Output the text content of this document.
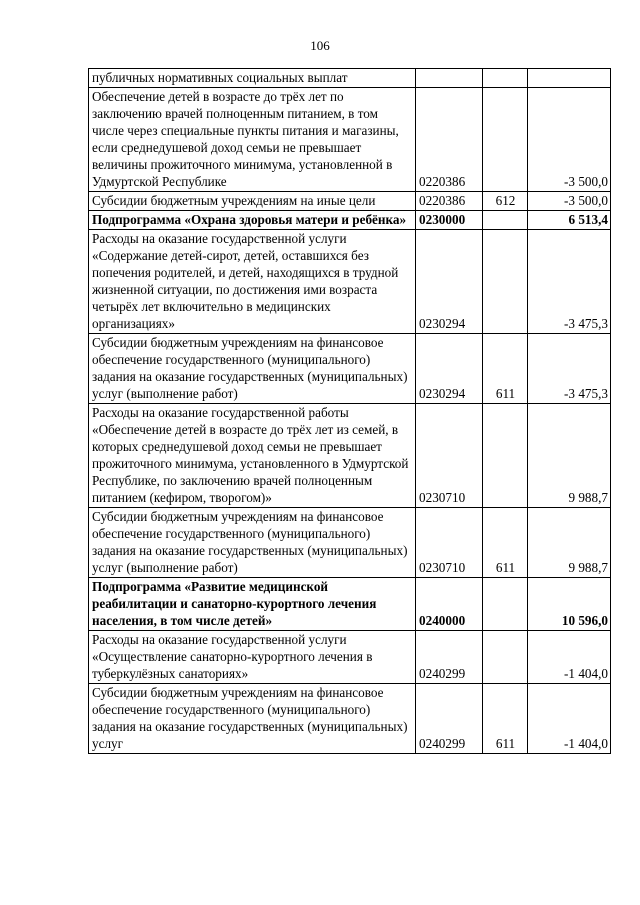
106
публичных нормативных социальных выплат			
Обеспечение детей в возрасте до трёх лет по заключению врачей полноценным питанием, в том числе через специальные пункты питания и магазины, если среднедушевой доход семьи не превышает величины прожиточного минимума, установленной в Удмуртской Республике	0220386		-3 500,0
Субсидии бюджетным учреждениям на иные цели	0220386	612	-3 500,0
Подпрограмма «Охрана здоровья матери и ребёнка»	0230000		6 513,4
Расходы на оказание государственной услуги «Содержание детей-сирот, детей, оставшихся без попечения родителей, и детей, находящихся в трудной жизненной ситуации, по достижения ими возраста четырёх лет включительно в медицинских организациях»	0230294		-3 475,3
Субсидии бюджетным учреждениям на финансовое обеспечение государственного (муниципального) задания на оказание государственных (муниципальных) услуг (выполнение работ)	0230294	611	-3 475,3
Расходы на оказание государственной работы «Обеспечение детей в возрасте до трёх лет из семей, в которых среднедушевой доход семьи не превышает прожиточного минимума, установленного в Удмуртской Республике, по заключению врачей полноценным питанием (кефиром, творогом)»	0230710		9 988,7
Субсидии бюджетным учреждениям на финансовое обеспечение государственного (муниципального) задания на оказание государственных (муниципальных) услуг (выполнение работ)	0230710	611	9 988,7
Подпрограмма «Развитие медицинской реабилитации и санаторно-курортного лечения населения, в том числе детей»	0240000		10 596,0
Расходы на оказание государственной услуги «Осуществление санаторно-курортного лечения в туберкулёзных санаториях»	0240299		-1 404,0
Субсидии бюджетным учреждениям на финансовое обеспечение государственного (муниципального) задания на оказание государственных (муниципальных) услуг	0240299	611	-1 404,0
